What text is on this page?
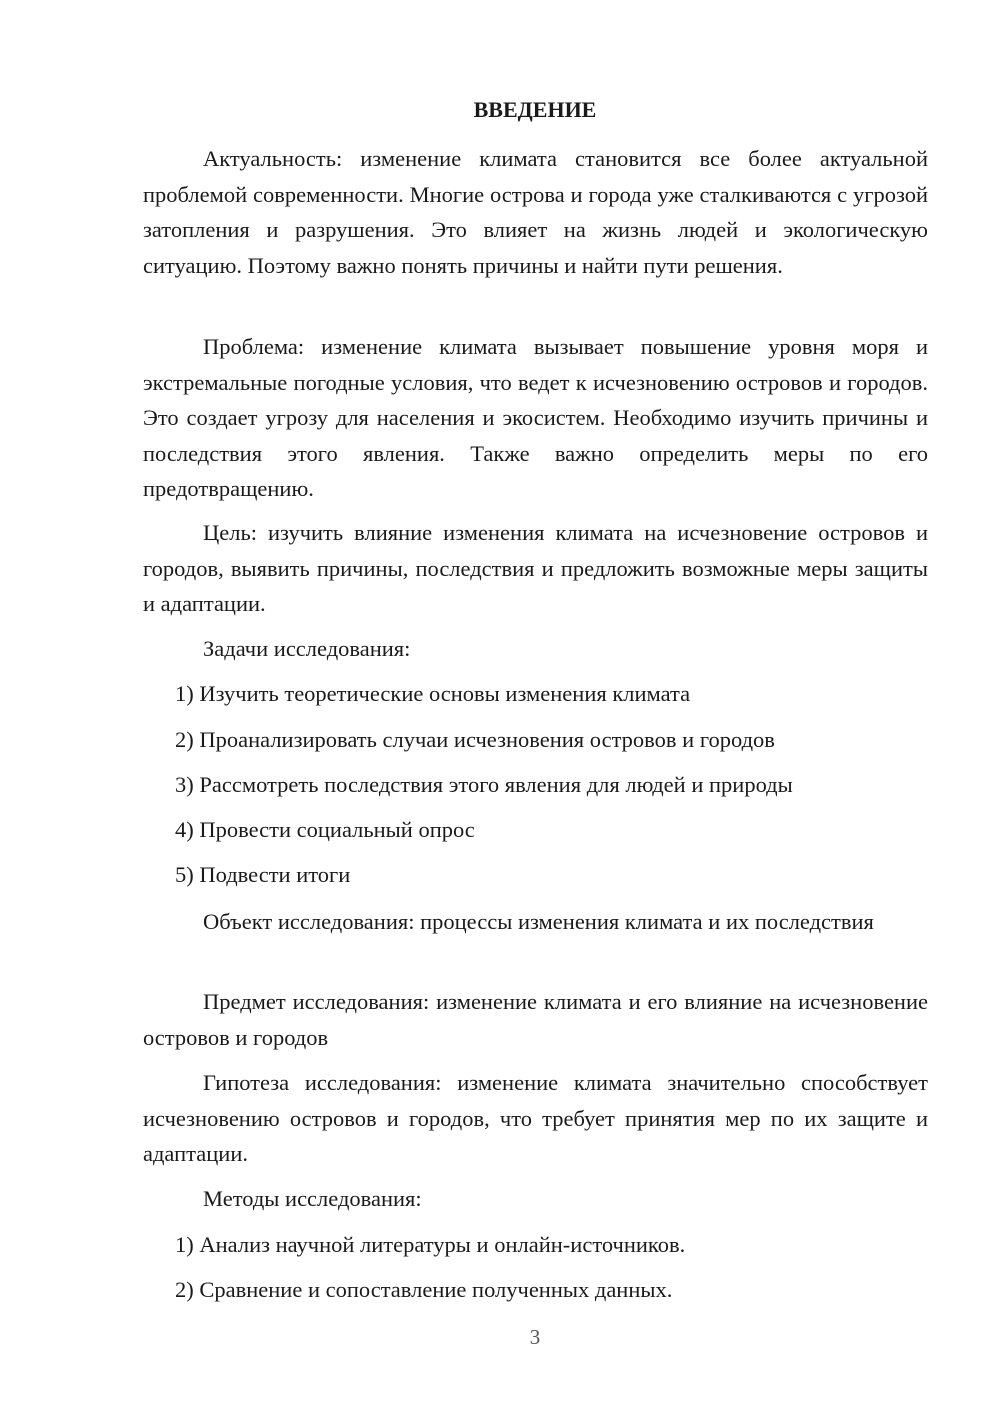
ВВЕДЕНИЕ

Актуальность: изменение климата становится все более актуальной проблемой современности. Многие острова и города уже сталкиваются с угрозой затопления и разрушения. Это влияет на жизнь людей и экологическую ситуацию. Поэтому важно понять причины и найти пути решения.

Проблема: изменение климата вызывает повышение уровня моря и экстремальные погодные условия, что ведет к исчезновению островов и городов. Это создает угрозу для населения и экосистем. Необходимо изучить причины и последствия этого явления. Также важно определить меры по его предотвращению.

Цель: изучить влияние изменения климата на исчезновение островов и городов, выявить причины, последствия и предложить возможные меры защиты и адаптации.

Задачи исследования:
1) Изучить теоретические основы изменения климата
2) Проанализировать случаи исчезновения островов и городов
3) Рассмотреть последствия этого явления для людей и природы
4) Провести социальный опрос
5) Подвести итоги

Объект исследования: процессы изменения климата и их последствия

Предмет исследования: изменение климата и его влияние на исчезновение островов и городов

Гипотеза исследования: изменение климата значительно способствует исчезновению островов и городов, что требует принятия мер по их защите и адаптации.

Методы исследования:
1) Анализ научной литературы и онлайн-источников.
2) Сравнение и сопоставление полученных данных.
3
